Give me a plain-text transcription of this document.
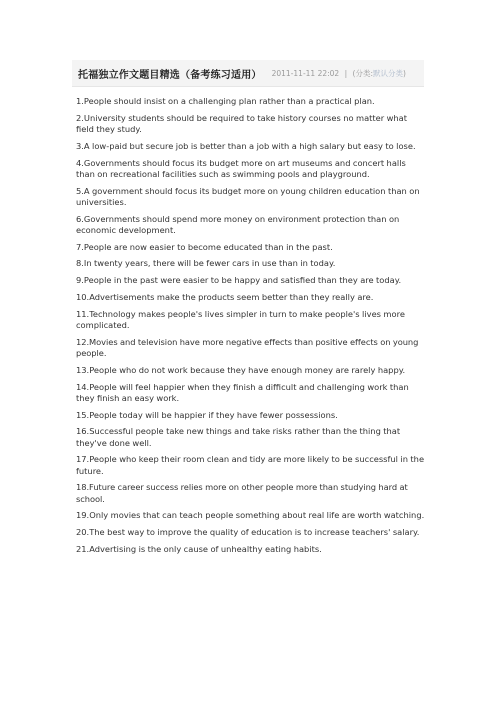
托福独立作文题目精选（备考练习适用） 2011-11-11 22:02 | (分类:默认分类)
1.People should insist on a challenging plan rather than a practical plan.
2.University students should be required to take history courses no matter what field they study.
3.A low-paid but secure job is better than a job with a high salary but easy to lose.
4.Governments should focus its budget more on art museums and concert halls than on recreational facilities such as swimming pools and playground.
5.A government should focus its budget more on young children education than on universities.
6.Governments should spend more money on environment protection than on economic development.
7.People are now easier to become educated than in the past.
8.In twenty years, there will be fewer cars in use than in today.
9.People in the past were easier to be happy and satisfied than they are today.
10.Advertisements make the products seem better than they really are.
11.Technology makes people's lives simpler in turn to make people's lives more complicated.
12.Movies and television have more negative effects than positive effects on young people.
13.People who do not work because they have enough money are rarely happy.
14.People will feel happier when they finish a difficult and challenging work than they finish an easy work.
15.People today will be happier if they have fewer possessions.
16.Successful people take new things and take risks rather than the thing that they've done well.
17.People who keep their room clean and tidy are more likely to be successful in the future.
18.Future career success relies more on other people more than studying hard at school.
19.Only movies that can teach people something about real life are worth watching.
20.The best way to improve the quality of education is to increase teachers' salary.
21.Advertising is the only cause of unhealthy eating habits.
